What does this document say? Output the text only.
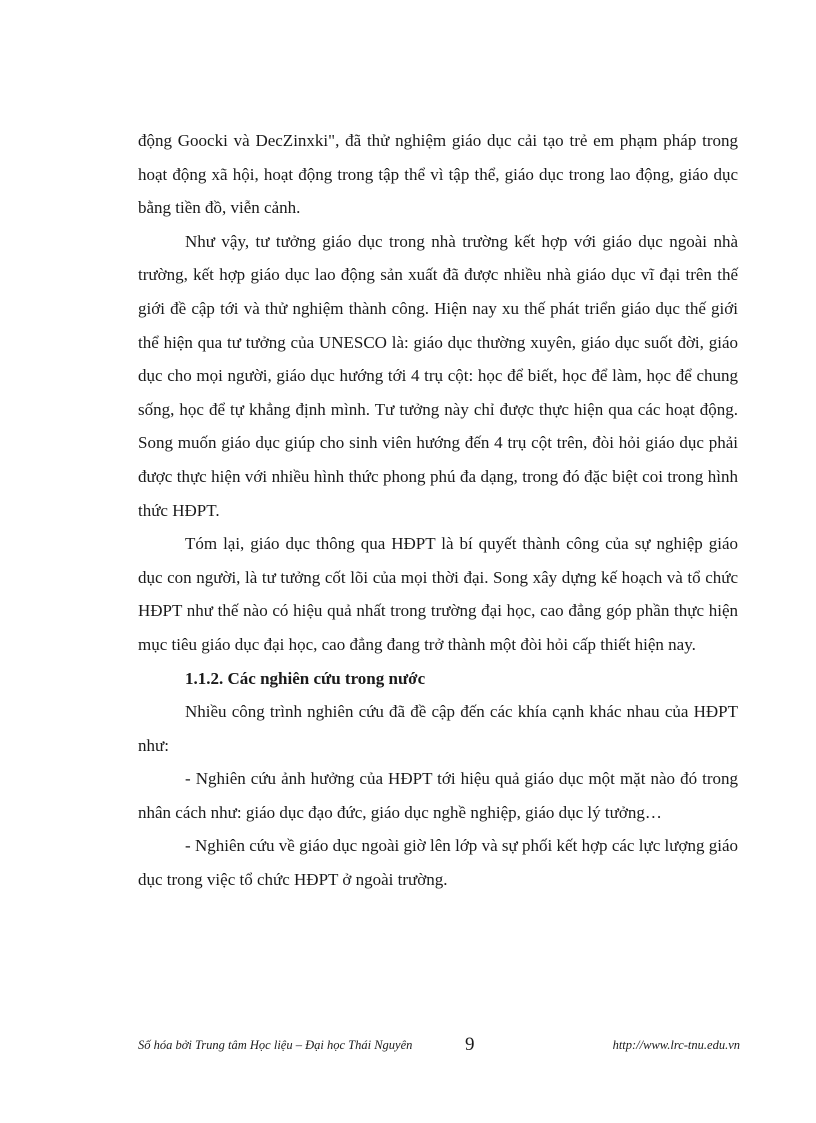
động Goocki và DecZinxki", đã thử nghiệm giáo dục cải tạo trẻ em phạm pháp trong hoạt động xã hội, hoạt động trong tập thể vì tập thể, giáo dục trong lao động, giáo dục bằng tiền đồ, viễn cảnh.

Như vậy, tư tưởng giáo dục trong nhà trường kết hợp với giáo dục ngoài nhà trường, kết hợp giáo dục lao động sản xuất đã được nhiều nhà giáo dục vĩ đại trên thế giới đề cập tới và thử nghiệm thành công. Hiện nay xu thế phát triển giáo dục thế giới thể hiện qua tư tưởng của UNESCO là: giáo dục thường xuyên, giáo dục suốt đời, giáo dục cho mọi người, giáo dục hướng tới 4 trụ cột: học để biết, học để làm, học để chung sống, học để tự khẳng định mình. Tư tưởng này chỉ được thực hiện qua các hoạt động. Song muốn giáo dục giúp cho sinh viên hướng đến 4 trụ cột trên, đòi hỏi giáo dục phải được thực hiện với nhiều hình thức phong phú đa dạng, trong đó đặc biệt coi trong hình thức HĐPT.

Tóm lại, giáo dục thông qua HĐPT là bí quyết thành công của sự nghiệp giáo dục con người, là tư tưởng cốt lõi của mọi thời đại. Song xây dựng kế hoạch và tổ chức HĐPT như thế nào có hiệu quả nhất trong trường đại học, cao đẳng góp phần thực hiện mục tiêu giáo dục đại học, cao đẳng đang trở thành một đòi hỏi cấp thiết hiện nay.

1.1.2. Các nghiên cứu trong nước

Nhiều công trình nghiên cứu đã đề cập đến các khía cạnh khác nhau của HĐPT như:

- Nghiên cứu ảnh hưởng của HĐPT tới hiệu quả giáo dục một mặt nào đó trong nhân cách như: giáo dục đạo đức, giáo dục nghề nghiệp, giáo dục lý tưởng…

- Nghiên cứu về giáo dục ngoài giờ lên lớp và sự phối kết hợp các lực lượng giáo dục trong việc tổ chức HĐPT ở ngoài trường.

Số hóa bởi Trung tâm Học liệu – Đại học Thái Nguyên	9	http://www.lrc-tnu.edu.vn
